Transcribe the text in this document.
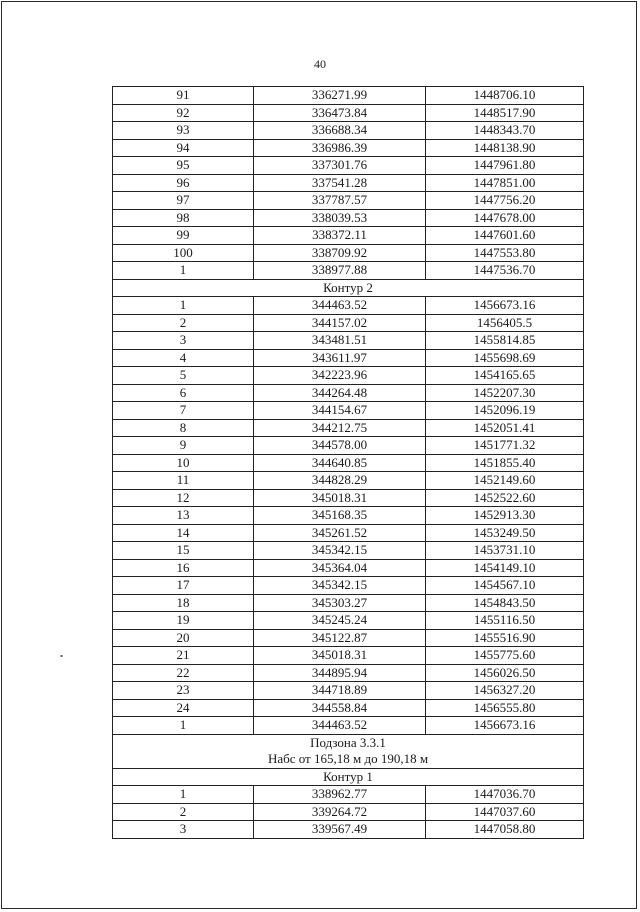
40
91	336271.99	1448706.10
92	336473.84	1448517.90
93	336688.34	1448343.70
94	336986.39	1448138.90
95	337301.76	1447961.80
96	337541.28	1447851.00
97	337787.57	1447756.20
98	338039.53	1447678.00
99	338372.11	1447601.60
100	338709.92	1447553.80
1	338977.88	1447536.70

Контур 2		

1	344463.52	1456673.16
2	344157.02	1456405.5
3	343481.51	1455814.85
4	343611.97	1455698.69
5	342223.96	1454165.65
6	344264.48	1452207.30
7	344154.67	1452096.19
8	344212.75	1452051.41
9	344578.00	1451771.32
10	344640.85	1451855.40
11	344828.29	1452149.60
12	345018.31	1452522.60
13	345168.35	1452913.30
14	345261.52	1453249.50
15	345342.15	1453731.10
16	345364.04	1454149.10
17	345342.15	1454567.10
18	345303.27	1454843.50
19	345245.24	1455116.50
20	345122.87	1455516.90
21	345018.31	1455775.60
22	344895.94	1456026.50
23	344718.89	1456327.20
24	344558.84	1456555.80
1	344463.52	1456673.16

Подзона 3.3.1
Набс от 165,18 м до 190,18 м		

Контур 1		

1	338962.77	1447036.70
2	339264.72	1447037.60
3	339567.49	1447058.80
